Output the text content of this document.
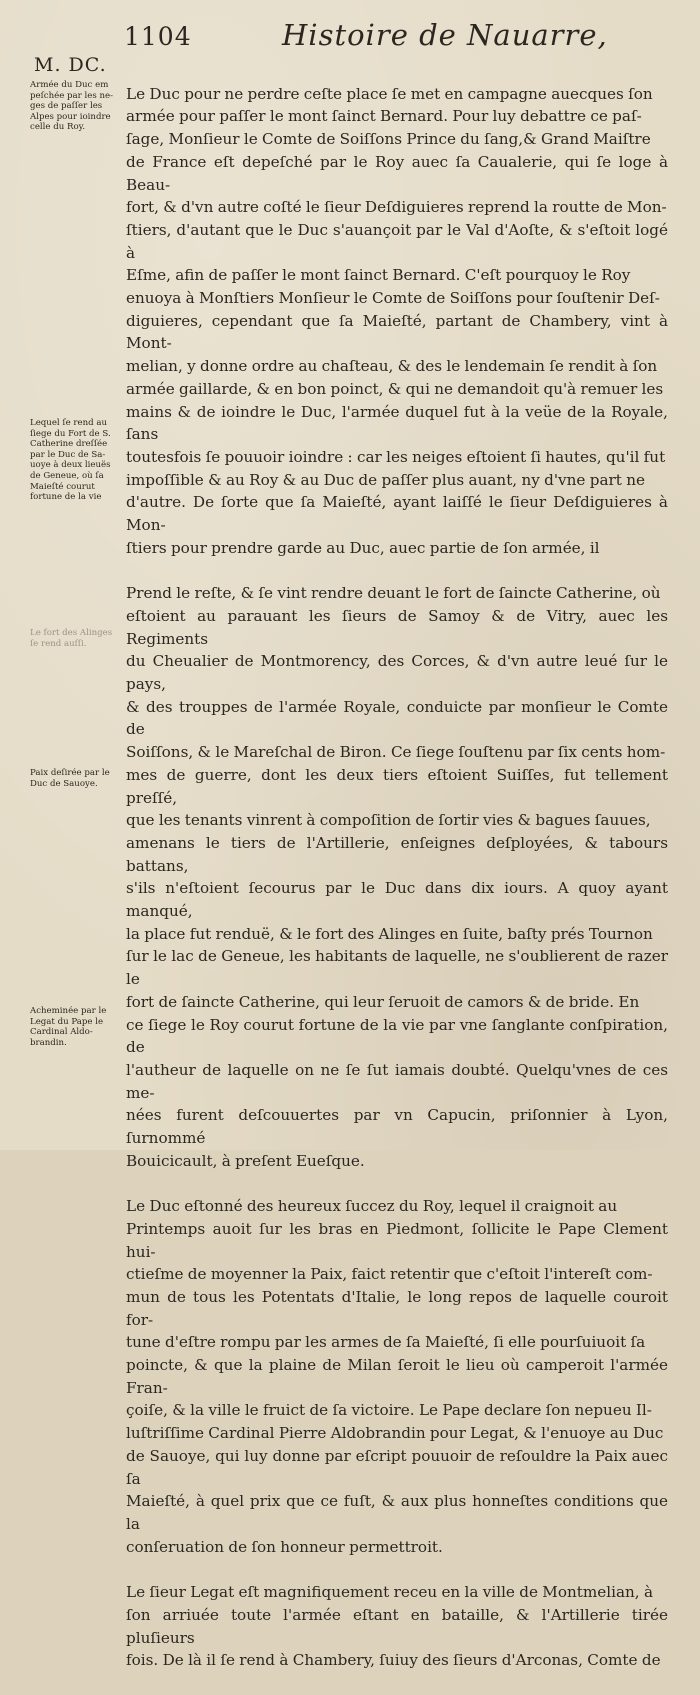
1104	Histoire de Nauarre,
M. DC.
Armée du Duc em
peſchée par les ne-
ges de paſſer les
Alpes pour ioindre
celle du Roy.
Lequel ſe rend au
ſiege du Fort de S.
Catherine dreſſée
par le Duc de Sa-
uoye à deux lieuës
de Geneue, où ſa
Maieſté courut
fortune de la vie
Le fort des Alinges
ſe rend auſſi.
Paix deſirée par le
Duc de Sauoye.
Acheminée par le
Legat du Pape le
Cardinal Aldo-
brandin.

Le Duc pour ne perdre ceſte place ſe met en campagne auecques ſon
armée pour paſſer le mont ſainct Bernard. Pour luy debattre ce paſ-
ſage, Monſieur le Comte de Soiſſons Prince du ſang,& Grand Maiſtre
de France eſt depeſché par le Roy auec ſa Caualerie, qui ſe loge à Beau-
fort, & d'vn autre coſté le ſieur Deſdiguieres reprend la routte de Mon-
ſtiers, d'autant que le Duc s'auançoit par le Val d'Aoſte, & s'eſtoit logé à
Eſme, afin de paſſer le mont ſainct Bernard. C'eſt pourquoy le Roy
enuoya à Monſtiers Monſieur le Comte de Soiſſons pour ſouſtenir Deſ-
diguieres, cependant que ſa Maieſté, partant de Chambery, vint à Mont-
melian, y donne ordre au chaſteau, & des le lendemain ſe rendit à ſon
armée gaillarde, & en bon poinct, & qui ne demandoit qu'à remuer les
mains & de ioindre le Duc, l'armée duquel fut à la veüe de la Royale, ſans
toutesfois ſe pouuoir ioindre : car les neiges eſtoient ſi hautes, qu'il fut
impoſſible & au Roy & au Duc de paſſer plus auant, ny d'vne part ne
d'autre. De ſorte que ſa Maieſté, ayant laiſſé le ſieur Deſdiguieres à Mon-
ſtiers pour prendre garde au Duc, auec partie de ſon armée, il

Prend le reſte, & ſe vint rendre deuant le fort de ſaincte Catherine, où
eſtoient au parauant les ſieurs de Samoy & de Vitry, auec les Regiments
du Cheualier de Montmorency, des Corces, & d'vn autre leué ſur le pays,
& des trouppes de l'armée Royale, conduicte par monſieur le Comte de
Soiſſons, & le Mareſchal de Biron. Ce ſiege ſouſtenu par ſix cents hom-
mes de guerre, dont les deux tiers eſtoient Suiſſes, fut tellement preſſé,
que les tenants vinrent à compoſition de ſortir vies & bagues ſauues,
amenans le tiers de l'Artillerie, enſeignes deſployées, & tabours battans,
s'ils n'eſtoient ſecourus par le Duc dans dix iours. A quoy ayant manqué,
la place fut renduë, & le fort des Alinges en ſuite, baſty prés Tournon
ſur le lac de Geneue, les habitants de laquelle, ne s'oublierent de razer le
fort de ſaincte Catherine, qui leur ſeruoit de camors & de bride. En
ce ſiege le Roy courut fortune de la vie par vne ſanglante conſpiration, de
l'autheur de laquelle on ne ſe ſut iamais doubté. Quelqu'vnes de ces me-
nées furent deſcouuertes par vn Capucin, priſonnier à Lyon, ſurnommé
Bouicicault, à preſent Eueſque.

Le Duc eſtonné des heureux ſuccez du Roy, lequel il craignoit au
Printemps auoit ſur les bras en Piedmont, ſollicite le Pape Clement hui-
ctieſme de moyenner la Paix, faict retentir que c'eſtoit l'intereſt com-
mun de tous les Potentats d'Italie, le long repos de laquelle couroit for-
tune d'eſtre rompu par les armes de ſa Maieſté, ſi elle pourſuiuoit ſa
poincte, & que la plaine de Milan ſeroit le lieu où camperoit l'armée Fran-
çoiſe, & la ville le fruict de ſa victoire. Le Pape declare ſon nepueu Il-
luſtriſſime Cardinal Pierre Aldobrandin pour Legat, & l'enuoye au Duc
de Sauoye, qui luy donne par eſcript pouuoir de reſouldre la Paix auec ſa
Maieſté, à quel prix que ce fuſt, & aux plus honneſtes conditions que la
conſeruation de ſon honneur permettroit.

Le ſieur Legat eſt magnifiquement receu en la ville de Montmelian, à
ſon arriuée toute l'armée eſtant en bataille, & l'Artillerie tirée pluſieurs
fois. De là il ſe rend à Chambery, ſuiuy des ſieurs d'Arconas, Comte de
